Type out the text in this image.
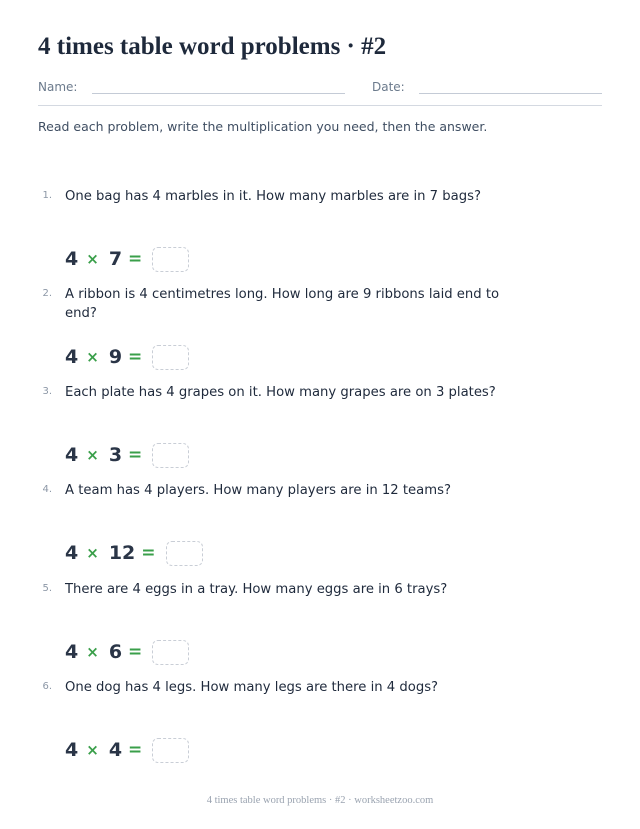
4 times table word problems · #2
Name:	Date:
Read each problem, write the multiplication you need, then the answer.
1. One bag has 4 marbles in it. How many marbles are in 7 bags?
4 × 7 =
2. A ribbon is 4 centimetres long. How long are 9 ribbons laid end to end?
4 × 9 =
3. Each plate has 4 grapes on it. How many grapes are on 3 plates?
4 × 3 =
4. A team has 4 players. How many players are in 12 teams?
4 × 12 =
5. There are 4 eggs in a tray. How many eggs are in 6 trays?
4 × 6 =
6. One dog has 4 legs. How many legs are there in 4 dogs?
4 × 4 =
4 times table word problems · #2 · worksheetzoo.com
